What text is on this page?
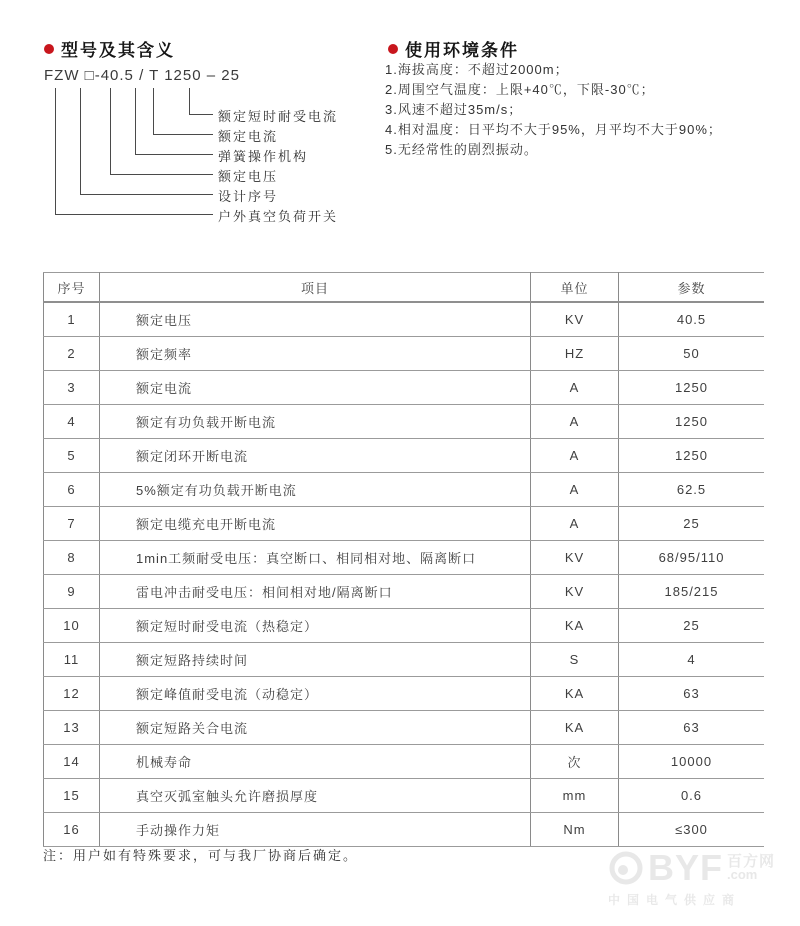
型号及其含义
FZW □-40.5 / T 1250 – 25
额定短时耐受电流
额定电流
弹簧操作机构
额定电压
设计序号
户外真空负荷开关
使用环境条件
1.海拔高度：不超过2000m；
2.周围空气温度：上限+40℃，下限-30℃；
3.风速不超过35m/s；
4.相对温度：日平均不大于95%，月平均不大于90%；
5.无经常性的剧烈振动。
序号	项目	单位	参数
1	额定电压	KV	40.5
2	额定频率	HZ	50
3	额定电流	A	1250
4	额定有功负载开断电流	A	1250
5	额定闭环开断电流	A	1250
6	5%额定有功负载开断电流	A	62.5
7	额定电缆充电开断电流	A	25
8	1min工频耐受电压：真空断口、相同相对地、隔离断口	KV	68/95/110
9	雷电冲击耐受电压：相间相对地/隔离断口	KV	185/215
10	额定短时耐受电流（热稳定）	KA	25
11	额定短路持续时间	S	4
12	额定峰值耐受电流（动稳定）	KA	63
13	额定短路关合电流	KA	63
14	机械寿命	次	10000
15	真空灭弧室触头允许磨损厚度	mm	0.6
16	手动操作力矩	Nm	≤300
注：用户如有特殊要求，可与我厂协商后确定。	BYF 百方网
.com
中国电气供应商
